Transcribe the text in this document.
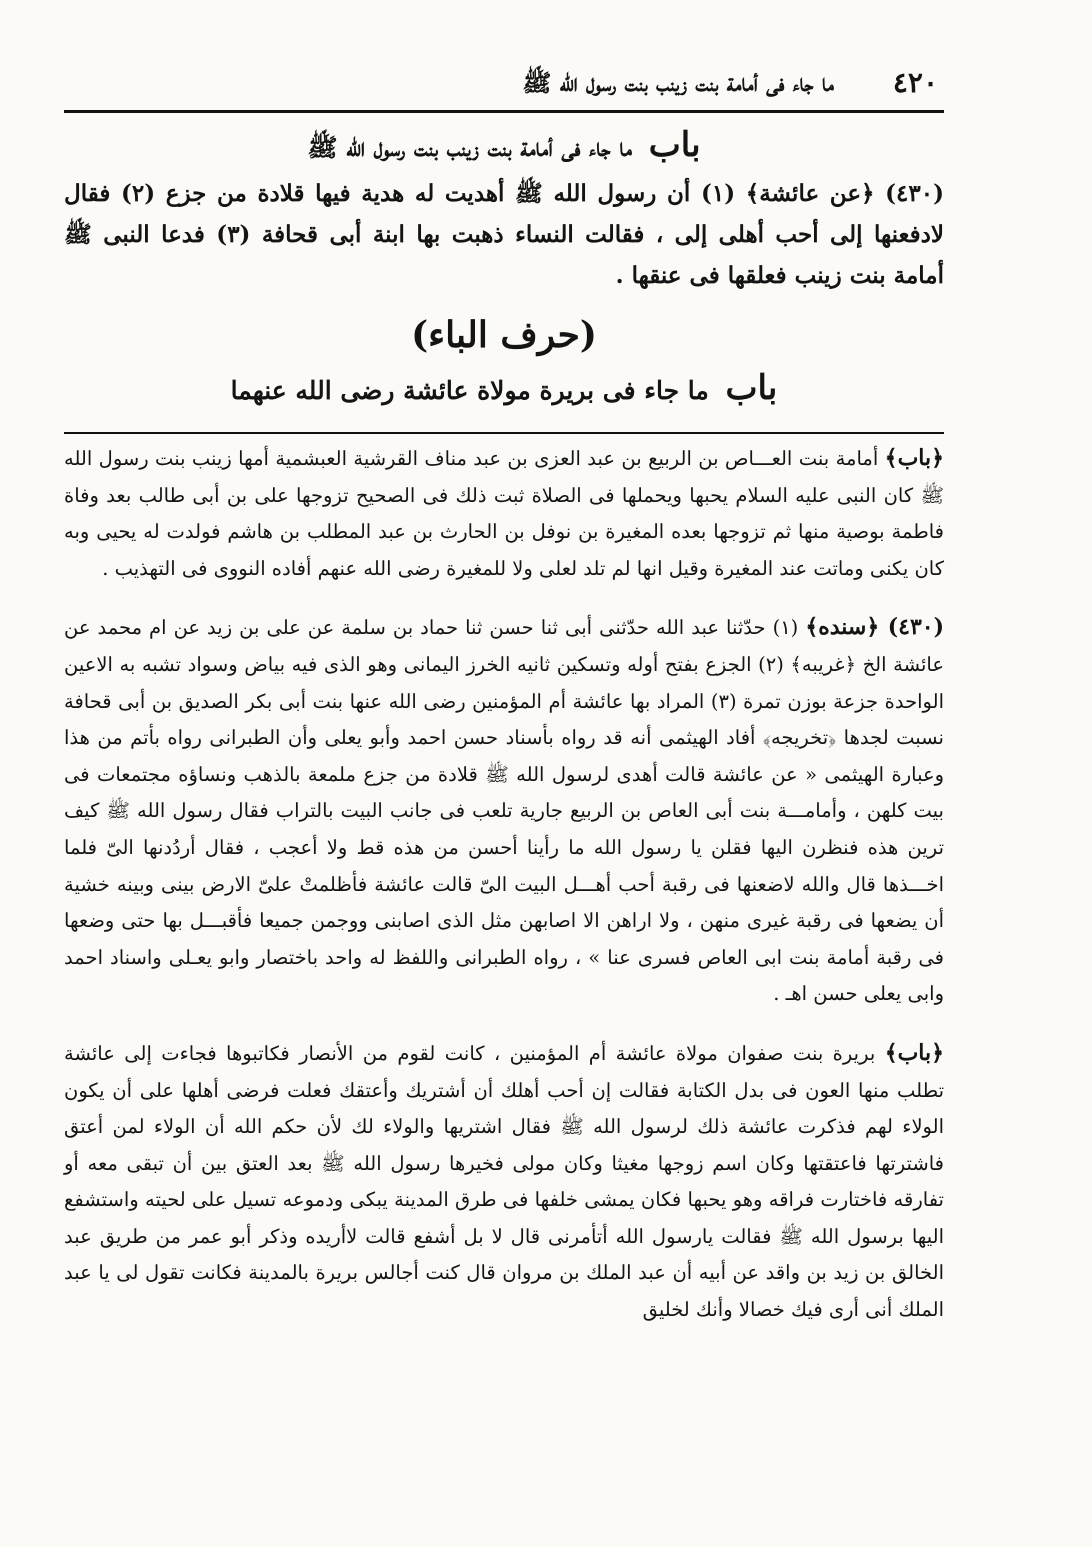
٤٢٠
ما جاء فى أمامة بنت زينب بنت رسول الله ﷺ
باب ما جاء فى أمامة بنت زينب بنت رسول الله ﷺ

(٤٣٠) ﴿عن عائشة﴾ (١) أن رسول الله ﷺ أهديت له هدية فيها قلادة من جزع (٢) فقال لادفعنها إلى أحب أهلى إلى ، فقالت النساء ذهبت بها ابنة أبى قحافة (٣) فدعا النبى ﷺ أمامة بنت زينب فعلقها فى عنقها .

(حرف الباء)
باب ما جاء فى بريرة مولاة عائشة رضى الله عنهما

﴿باب﴾ أمامة بنت العـــاص بن الربيع بن عبد العزى بن عبد مناف القرشية العبشمية أمها زينب بنت رسول الله ﷺ كان النبى عليه السلام يحبها ويحملها فى الصلاة ثبت ذلك فى الصحيح تزوجها على بن أبى طالب بعد وفاة فاطمة بوصية منها ثم تزوجها بعده المغيرة بن نوفل بن الحارث بن عبد المطلب بن هاشم فولدت له يحيى وبه كان يكنى وماتت عند المغيرة وقيل انها لم تلد لعلى ولا للمغيرة رضى الله عنهم أفاده النووى فى التهذيب .

(٤٣٠) ﴿سنده﴾ (١) حدّثنا عبد الله حدّثنى أبى ثنا حسن ثنا حماد بن سلمة عن على بن زيد عن ام محمد عن عائشة الخ ﴿غريبه﴾ (٢) الجزع بفتح أوله وتسكين ثانيه الخرز اليمانى وهو الذى فيه بياض وسواد تشبه به الاعين الواحدة جزعة بوزن تمرة (٣) المراد بها عائشة أم المؤمنين رضى الله عنها بنت أبى بكر الصديق بن أبى قحافة نسبت لجدها ﴿تخريجه﴾ أفاد الهيثمى أنه قد رواه بأسناد حسن احمد وأبو يعلى وأن الطبرانى رواه بأتم من هذا وعبارة الهيثمى « عن عائشة قالت أهدى لرسول الله ﷺ قلادة من جزع ملمعة بالذهب ونساؤه مجتمعات فى بيت كلهن ، وأمامـــة بنت أبى العاص بن الربيع جارية تلعب فى جانب البيت بالتراب فقال رسول الله ﷺ كيف ترين هذه فنظرن اليها فقلن يا رسول الله ما رأينا أحسن من هذه قط ولا أعجب ، فقال أردُدنها الىّ فلما اخـــذها قال والله لاضعنها فى رقبة أحب أهـــل البيت الىّ قالت عائشة فأظلمتْ علىّ الارض بينى وبينه خشية أن يضعها فى رقبة غيرى منهن ، ولا اراهن الا اصابهن مثل الذى اصابنى ووجمن جميعا فأقبـــل بها حتى وضعها فى رقبة أمامة بنت ابى العاص فسرى عنا » ، رواه الطبرانى واللفظ له واحد باختصار وابو يعـلى واسناد احمد وابى يعلى حسن اهـ .

﴿باب﴾ بريرة بنت صفوان مولاة عائشة أم المؤمنين ، كانت لقوم من الأنصار فكاتبوها فجاءت إلى عائشة تطلب منها العون فى بدل الكتابة فقالت إن أحب أهلك أن أشتريك وأعتقك فعلت فرضى أهلها على أن يكون الولاء لهم فذكرت عائشة ذلك لرسول الله ﷺ فقال اشتريها والولاء لك لأن حكم الله أن الولاء لمن أعتق فاشترتها فاعتقتها وكان اسم زوجها مغيثا وكان مولى فخيرها رسول الله ﷺ بعد العتق بين أن تبقى معه أو تفارقه فاختارت فراقه وهو يحبها فكان يمشى خلفها فى طرق المدينة يبكى ودموعه تسيل على لحيته واستشفع اليها برسول الله ﷺ فقالت يارسول الله أتأمرنى قال لا بل أشفع قالت لاأريده وذكر أبو عمر من طريق عبد الخالق بن زيد بن واقد عن أبيه أن عبد الملك بن مروان قال كنت أجالس بريرة بالمدينة فكانت تقول لى يا عبد الملك أنى أرى فيك خصالا وأنك لخليق
